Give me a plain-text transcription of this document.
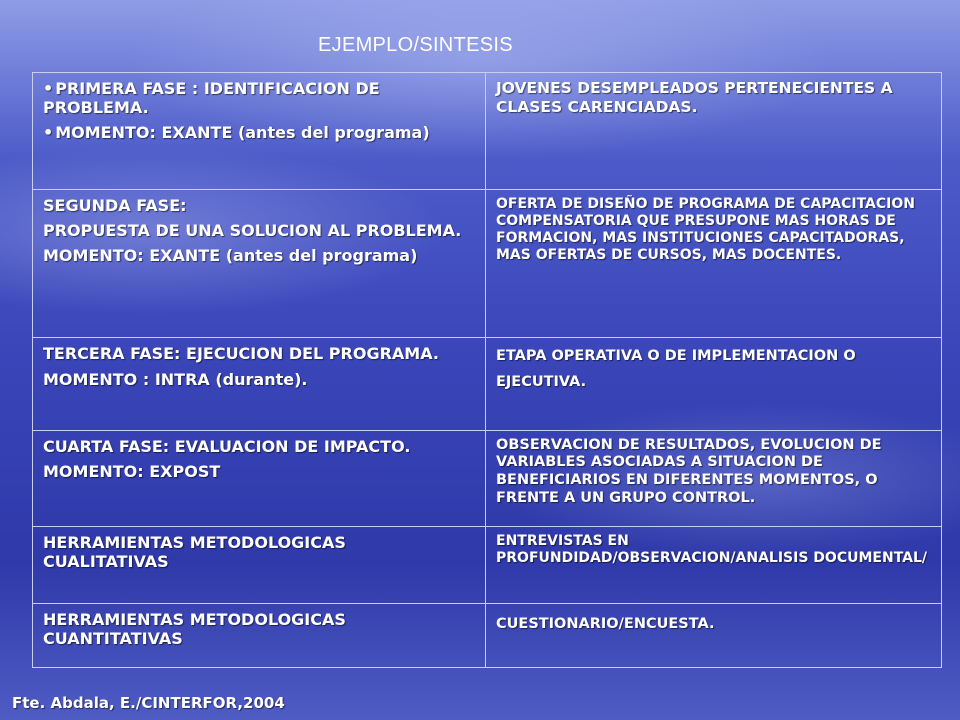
EJEMPLO/SINTESIS
• PRIMERA FASE : IDENTIFICACION DE PROBLEMA.
• MOMENTO: EXANTE (antes del programa)	JOVENES DESEMPLEADOS PERTENECIENTES A CLASES CARENCIADAS.

SEGUNDA FASE:
PROPUESTA DE UNA SOLUCION AL PROBLEMA.
MOMENTO: EXANTE (antes del programa)	OFERTA DE DISEÑO DE PROGRAMA DE CAPACITACION COMPENSATORIA QUE PRESUPONE MAS HORAS DE FORMACION, MAS INSTITUCIONES CAPACITADORAS, MAS OFERTAS DE CURSOS, MAS DOCENTES.

TERCERA FASE: EJECUCION DEL PROGRAMA.
MOMENTO : INTRA (durante).	ETAPA OPERATIVA O DE IMPLEMENTACION O EJECUTIVA.

CUARTA FASE: EVALUACION DE IMPACTO.
MOMENTO: EXPOST	OBSERVACION DE RESULTADOS, EVOLUCION DE VARIABLES ASOCIADAS A SITUACION DE BENEFICIARIOS EN DIFERENTES MOMENTOS, O FRENTE A UN GRUPO CONTROL.
HERRAMIENTAS METODOLOGICAS CUALITATIVAS	ENTREVISTAS EN PROFUNDIDAD/OBSERVACION/ANALISIS DOCUMENTAL/
HERRAMIENTAS METODOLOGICAS CUANTITATIVAS	CUESTIONARIO/ENCUESTA.
Fte. Abdala, E./CINTERFOR,2004
